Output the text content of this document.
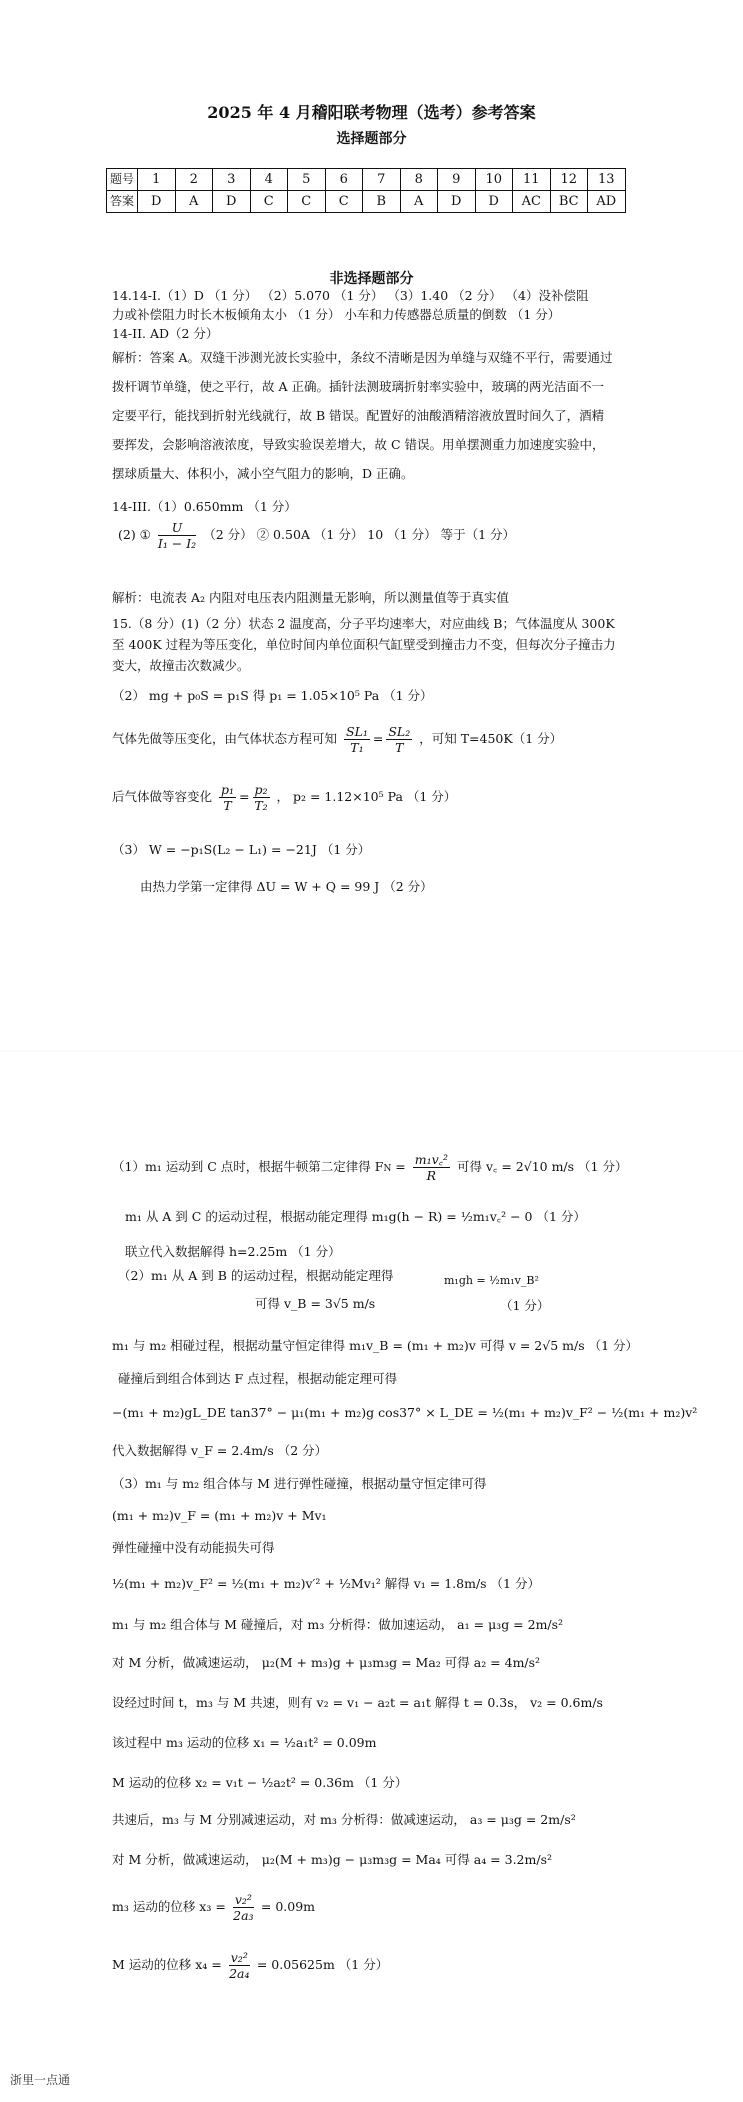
2025 年 4 月稽阳联考物理（选考）参考答案
选择题部分
题号	1	2	3	4	5	6	7	8	9	10	11	12	13
答案	D	A	D	C	C	C	B	A	D	D	AC	BC	AD
非选择题部分
14.14-I.（1）D （1 分） （2）5.070 （1 分） （3）1.40 （2 分） （4）没补偿阻
力或补偿阻力时长木板倾角太小 （1 分） 小车和力传感器总质量的倒数 （1 分）
14-II. AD（2 分）
解析：答案 A。双缝干涉测光波长实验中，条纹不清晰是因为单缝与双缝不平行，需要通过
拨杆调节单缝，使之平行，故 A 正确。插针法测玻璃折射率实验中，玻璃的两光洁面不一
定要平行，能找到折射光线就行，故 B 错误。配置好的油酸酒精溶液放置时间久了，酒精
要挥发，会影响溶液浓度，导致实验误差增大，故 C 错误。用单摆测重力加速度实验中，
摆球质量大、体积小，减小空气阻力的影响，D 正确。
14-III.（1）0.650mm （1 分）
(2) ① $\frac{U}{\text{I₁ − I₂}} (2$ 分） ② 0.50A （1 分） 10 （1 分） 等于（1 分）
解析：电流表 A₂ 内阻对电压表内阻测量无影响，所以测量值等于真实值
15.（8 分）(1)（2 分）状态 2 温度高，分子平均速率大，对应曲线 B；气体温度从 300K
至 400K 过程为等压变化，单位时间内单位面积气缸壁受到撞击力不变，但每次分子撞击力
变大，故撞击次数减少。
（2） mg + p₀S = p₁S 得 p₁ = 1.05×10⁵ Pa （1 分）
气体先做等压变化，由气体状态方程可知 $\frac{\text{SL₁}}{\text{T₁}} = \frac{\text{SL₂}}{T}$ ，可知 T=450K（1 分）
后气体做等容变化 $\frac{\text{p₁}}{T} = \frac{\text{p₂}}{\text{T₂}}$ ， p₂ = 1.12×10⁵ Pa （1 分）
（3） W = −p₁S(L₂ − L₁) = −21J （1 分）
由热力学第一定律得 ΔU = W + Q = 99 J （2 分）
（1）m₁ 运动到 C 点时，根据牛顿第二定律得 FN = $\frac{\text{m₁v꜀²}}{R}$ 可得 v꜀ = 2√10 m/s （1 分）
m₁ 从 A 到 C 的运动过程，根据动能定理得 m₁g(h − R) = ½m₁v꜀² − 0 （1 分）
联立代入数据解得 h=2.25m （1 分）
（2）m₁ 从 A 到 B 的运动过程，根据动能定理得	m₁gh = ½m₁v_B²
可得 v_B = 3√5 m/s	（1 分）
m₁ 与 m₂ 相碰过程，根据动量守恒定律得 m₁v_B = (m₁ + m₂)v 可得 v = 2√5 m/s （1 分）
碰撞后到组合体到达 F 点过程，根据动能定理可得
−(m₁ + m₂)gL_DE tan37° − μ₁(m₁ + m₂)g cos37° × L_DE = ½(m₁ + m₂)v_F² − ½(m₁ + m₂)v²
代入数据解得 v_F = 2.4m/s （2 分）
（3）m₁ 与 m₂ 组合体与 M 进行弹性碰撞，根据动量守恒定律可得
(m₁ + m₂)v_F = (m₁ + m₂)v + Mv₁
弹性碰撞中没有动能损失可得
½(m₁ + m₂)v_F² = ½(m₁ + m₂)v′² + ½Mv₁² 解得 v₁ = 1.8m/s （1 分）
m₁ 与 m₂ 组合体与 M 碰撞后，对 m₃ 分析得：做加速运动， a₁ = μ₃g = 2m/s²
对 M 分析，做减速运动， μ₂(M + m₃)g + μ₃m₃g = Ma₂ 可得 a₂ = 4m/s²
设经过时间 t，m₃ 与 M 共速，则有 v₂ = v₁ − a₂t = a₁t 解得 t = 0.3s， v₂ = 0.6m/s
该过程中 m₃ 运动的位移 x₁ = ½a₁t² = 0.09m
M 运动的位移 x₂ = v₁t − ½a₂t² = 0.36m （1 分）
共速后，m₃ 与 M 分别减速运动，对 m₃ 分析得：做减速运动， a₃ = μ₃g = 2m/s²
对 M 分析，做减速运动， μ₂(M + m₃)g − μ₃m₃g = Ma₄ 可得 a₄ = 3.2m/s²
m₃ 运动的位移 $x_3 = \frac{\text{v₂²}}{\text{2a₃}} = 0.09m$
M 运动的位移 $x_4 = \frac{\text{v₂²}}{\text{2a₄}} = 0.05625m$ （1 分）
浙里一点通
